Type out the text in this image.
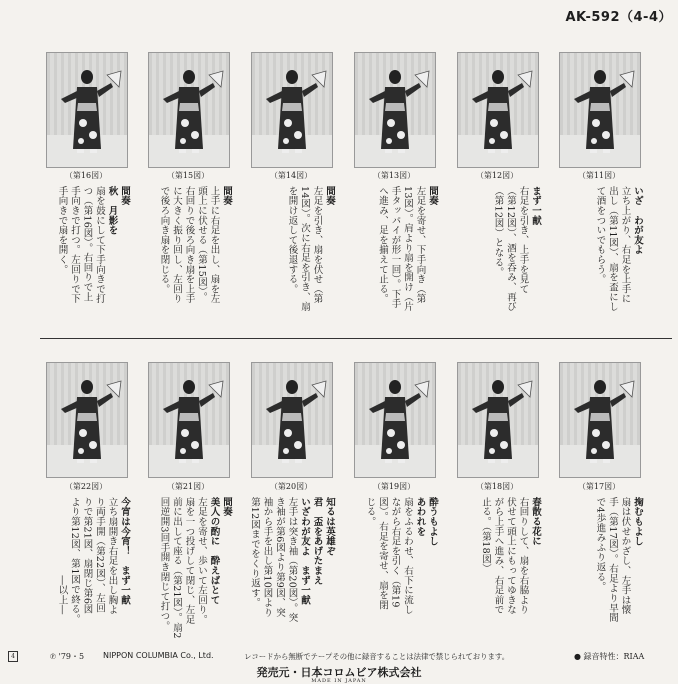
AK-592（4-4）
（第16図）
間奏
秋　月影を 扇を鼓にして下手向きで打
つ（第16図）。右回りで上
手向きで打つ。左回りで下
手向きで扇を開く。
（第15図）
間奏 上手に右足を出し、扇を左
頭上に伏せる（第15図）。
右回りで後ろ向き扇を上手
に大きく振り回し、左回り
で後ろ向き扇を閉じる。
（第14図）
間奏 左足を引き、扇を伏せ（第
14図）。次に右足を引き、扇
を開け返して後退する。
（第13図）
間奏 左足を寄せ、下手向き（第
13図）。肩より扇を開け（片
手タッパイが形一回）。下手
へ進み、足を揃えて止る。
（第12図）
まず一献 右足を引き、上手を見て
（第12図）、酒を呑み、再び
（第12図）となる。
（第11図）
いざ　わが友よ 立ち上がり、右足を上手に
出し（第11図）、扇を盃にし
て酒をついでもらう。
（第22図）
今宵は今宵！　まず一献 立ち扇開き右足を出し胸よ
り両手開（第22図）、左回
りで第21図、扇閉じ第6図
より第12図、第1図で終る。
　　　　　　　　―以上―
（第21図）
間奏
美人の酌に　酔えばとて 左足を寄せ、歩いて左回り。
扇を一つ投げして閉じ、左足
前に出して座る（第21図）。扇2
回逆開3回手開き閉じて打つ。
（第20図）
知るは英雄ぞ
君　盃をあげたまえ
いざわが友よ　まず一献 左手は突き袖（第20図）。突
き袖が第6図より第9図、突
袖から手を出し第10図より
第12図までをくり返す。
（第19図）
酔うもよし
あわれを 扇をふるわせ、右下に流し
ながら右足を引く（第19
図）。右足を寄せ、扇を閉
じる。
（第18図）
春散る花に 右回りして、扇を右脇より
伏せて頭上にもってゆきな
がら上手へ進み、右足前で
止る。（第18図）
（第17図）
掬むもよし 扇は伏せかざし、左手は懐
手（第17図）。右足より早間
で4歩進みふり返る。
4	℗ '79・5 NIPPON COLUMBIA Co., Ltd.	レコードから無断でテープその他に録音することは法律で禁じられております。	● 録音特性：RIAA
発売元・日本コロムビア株式会社
MADE IN JAPAN
